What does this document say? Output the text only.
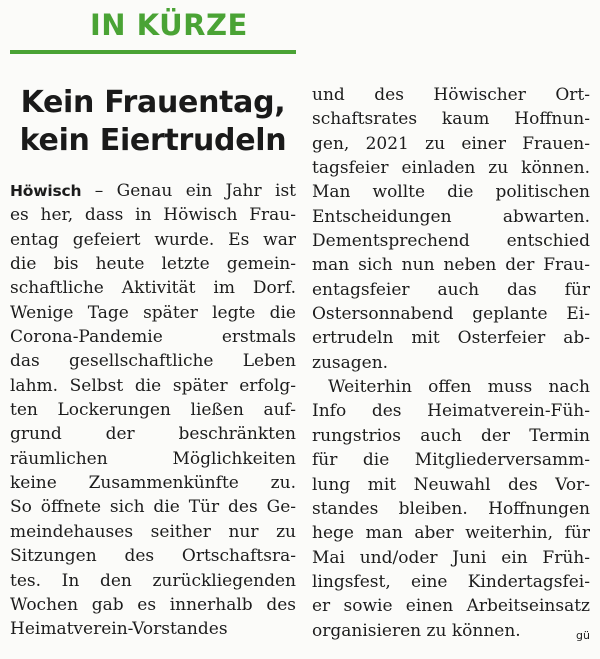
IN KÜRZE
Kein Frauentag,
kein Eiertrudeln
Höwisch – Genau ein Jahr ist
es her, dass in Höwisch Frau-
entag gefeiert wurde. Es war
die bis heute letzte gemein-
schaftliche Aktivität im Dorf.
Wenige Tage später legte die
Corona-Pandemie erstmals
das gesellschaftliche Leben
lahm. Selbst die später erfolg-
ten Lockerungen ließen auf-
grund der beschränkten
räumlichen Möglichkeiten
keine Zusammenkünfte zu.
So öffnete sich die Tür des Ge-
meindehauses seither nur zu
Sitzungen des Ortschaftsra-
tes. In den zurückliegenden
Wochen gab es innerhalb des
Heimatverein-Vorstandes
und des Höwischer Ort-
schaftsrates kaum Hoffnun-
gen, 2021 zu einer Frauen-
tagsfeier einladen zu können.
Man wollte die politischen
Entscheidungen abwarten.
Dementsprechend entschied
man sich nun neben der Frau-
entagsfeier auch das für
Ostersonnabend geplante Ei-
ertrudeln mit Osterfeier ab-
zusagen.
Weiterhin offen muss nach
Info des Heimatverein-Füh-
rungstrios auch der Termin
für die Mitgliederversamm-
lung mit Neuwahl des Vor-
standes bleiben. Hoffnungen
hege man aber weiterhin, für
Mai und/oder Juni ein Früh-
lingsfest, eine Kindertagsfei-
er sowie einen Arbeitseinsatz
organisieren zu können.	gü
